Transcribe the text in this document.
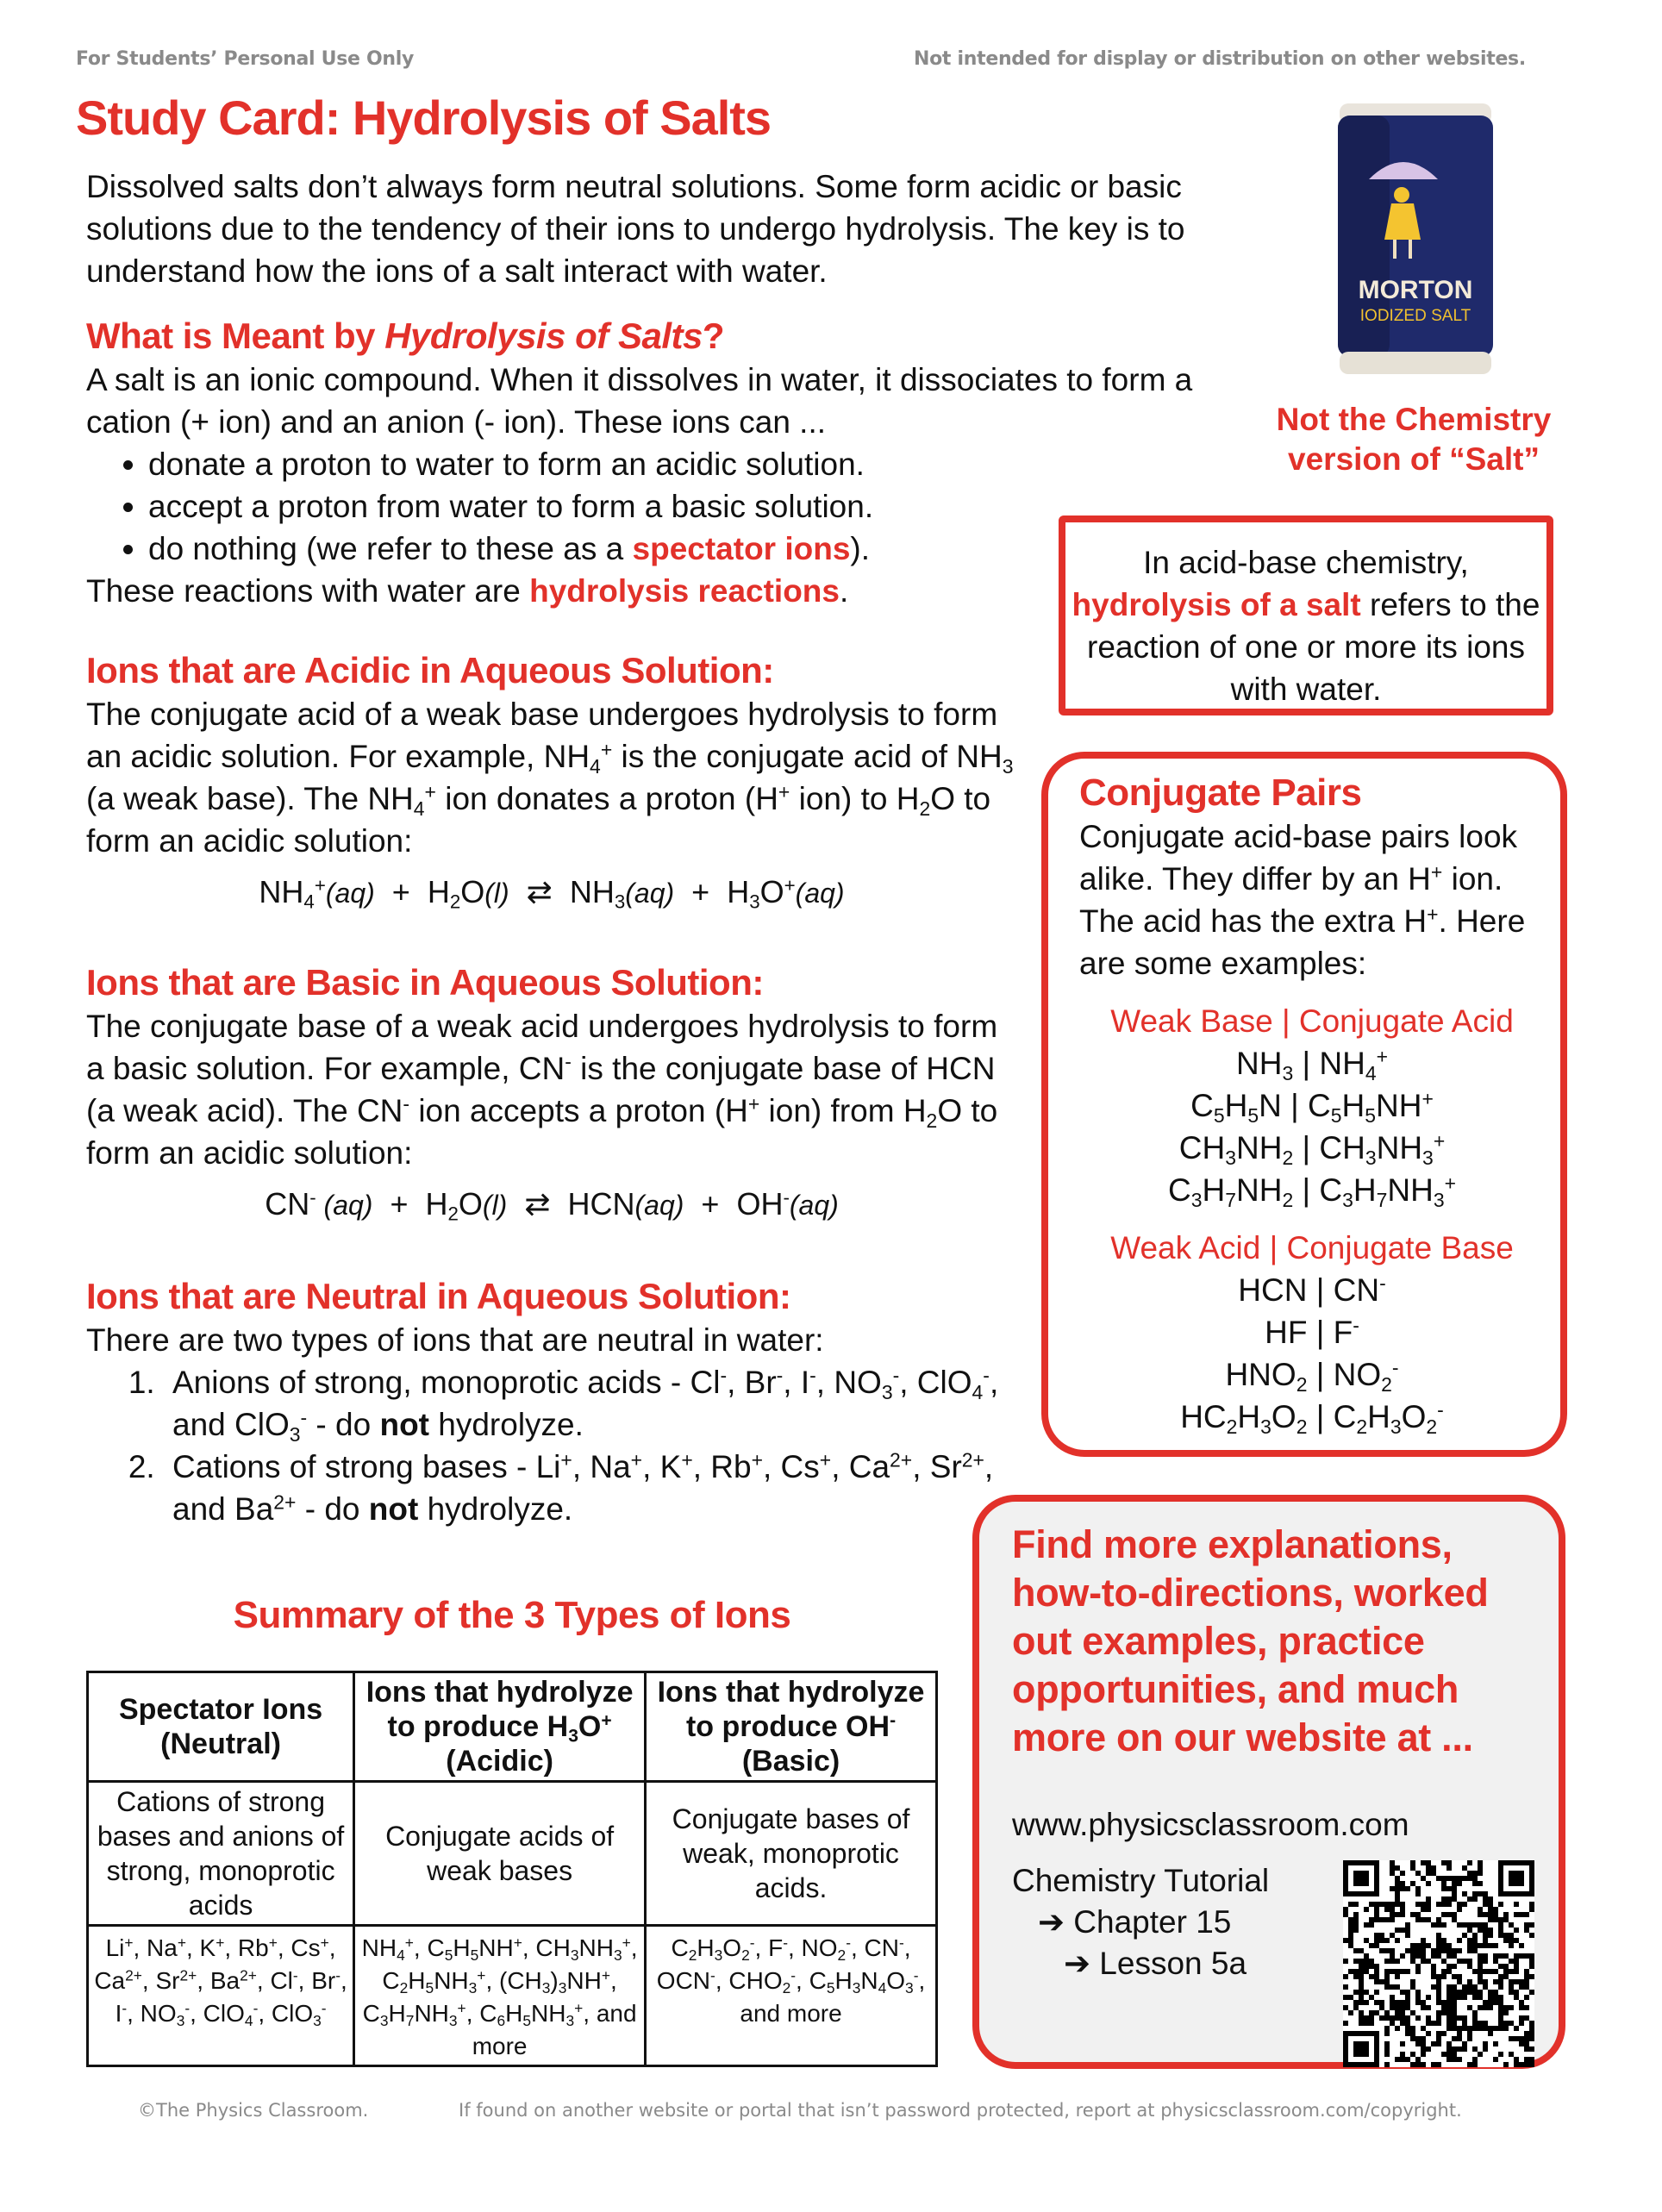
For Students’ Personal Use Only	Not intended for display or distribution on other websites.
Study Card: Hydrolysis of Salts
Dissolved salts don’t always form neutral solutions. Some form acidic or basic solutions due to the tendency of their ions to undergo hydrolysis. The key is to understand how the ions of a salt interact with water.
MORTON
IODIZED SALT
Not the Chemistry version of “Salt”
What is Meant by Hydrolysis of Salts?
A salt is an ionic compound. When it dissolves in water, it dissociates to form a cation (+ ion) and an anion (- ion). These ions can ...
• donate a proton to water to form an acidic solution.
• accept a proton from water to form a basic solution.
• do nothing (we refer to these as a spectator ions).
These reactions with water are hydrolysis reactions.
In acid-base chemistry,
hydrolysis of a salt refers to the reaction of one or more its ions with water.
Ions that are Acidic in Aqueous Solution:
The conjugate acid of a weak base undergoes hydrolysis to form an acidic solution. For example, $NH_4^+$ is the conjugate acid of $NH_3$ (a weak base). The $NH_4^+$ ion donates a proton (H+ ion) to $H_2O$ to form an acidic solution:
$NH_4^+(aq) + H_2O(l)$  ⇄  $NH_3(aq) + H_3O^+(aq)$
Ions that are Basic in Aqueous Solution:
The conjugate base of a weak acid undergoes hydrolysis to form a basic solution. For example, CN- is the conjugate base of HCN (a weak acid). The CN- ion accepts a proton (H+ ion) from $H_2O$ to form an acidic solution:
CN- $(aq) + H_2O(l)$  ⇄  HCN(aq)  +  OH-(aq)
Ions that are Neutral in Aqueous Solution:
There are two types of ions that are neutral in water:
1. Anions of strong, monoprotic acids - Cl-, Br-, I-, $NO_3^-$, ClO$_4$-, and ClO$_3$- - do not hydrolyze.
2. Cations of strong bases - Li+, Na+, K+, Rb+, Cs+, $Ca^{2+}$, $Sr^{2+}$, and $Ba^{2+}$ - do not hydrolyze.
Conjugate Pairs
Conjugate acid-base pairs look alike. They differ by an H+ ion. The acid has the extra H+. Here are some examples:
Weak Base | Conjugate Acid
$NH_3$ | $NH_4^+$
$C_5H_5N$ | $C_5H_5NH^+$
$CH_3NH_2$ | $CH_3NH_3^+$
$C_3H_7NH_2$ | $C_3H_7NH_3^+$
Weak Acid | Conjugate Base
HCN | CN-
HF | F-
$HNO_2$ | $NO_2^-$
$HC_2H_3O_2$ | $C_2H_3O_2^-$
Summary of the 3 Types of Ions
Spectator Ions (Neutral)	Ions that hydrolyze to produce $H_3O^+$ (Acidic)	Ions that hydrolyze to produce OH- (Basic)
Cations of strong bases and anions of strong, monoprotic acids	Conjugate acids of weak bases	Conjugate bases of weak, monoprotic acids.
Li+, Na+, K+, Rb+, Cs+, $Ca^{2+}$, $Sr^{2+}$, $Ba^{2+}$, Cl-, Br-, I-, $NO_3^-$, ClO$_4$-, ClO$_3$-	$NH_4^+$, $C_5H_5NH^+$, $CH_3NH_3^+$, $C_2H_5NH_3^+$, $(CH_3)_3NH^+$, $C_3H_7NH_3^+$, $C_6H_5NH_3^+$, and more	$C_2H_3O_2^-$, F-, $NO_2^-$, CN-, OCN-, $CHO_2^-$, $C_5H_3N_4O_3^-$, and more
Find more explanations, how-to-directions, worked out examples, practice opportunities, and much more on our website at ...
www.physicsclassroom.com
Chemistry Tutorial
➔ Chapter 15
➔ Lesson 5a
©The Physics Classroom.	If found on another website or portal that isn’t password protected, report at physicsclassroom.com/copyright.
